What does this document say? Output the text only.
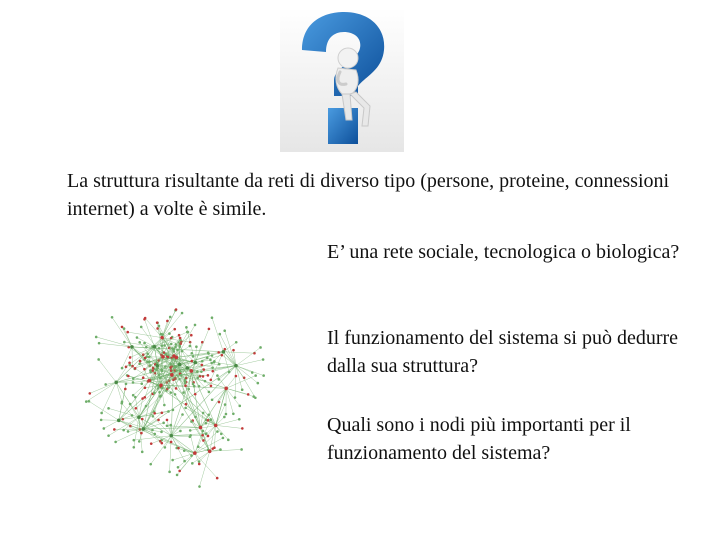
La struttura risultante da reti di diverso tipo (persone, proteine, connessioni internet) a volte è simile.

E’ una rete sociale, tecnologica o biologica?

Il funzionamento del sistema si può dedurre dalla sua struttura?

Quali sono i nodi più importanti per il funzionamento del sistema?
